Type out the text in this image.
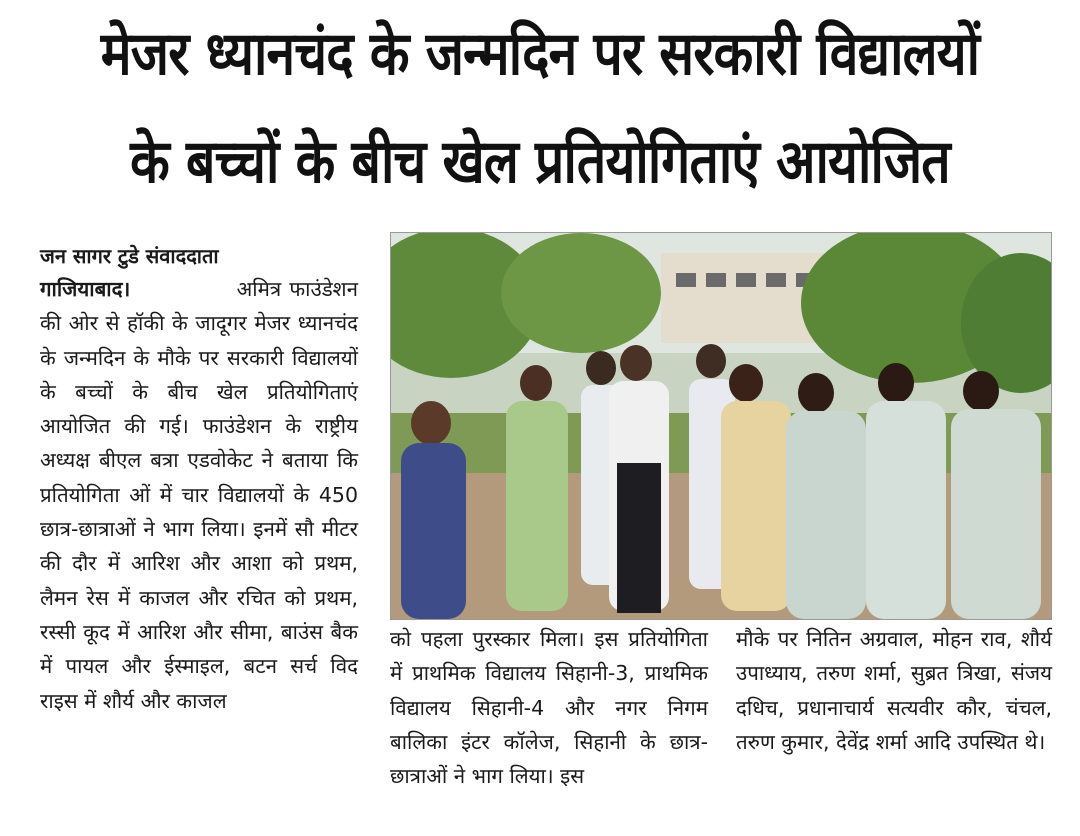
मेजर ध्यानचंद के जन्मदिन पर सरकारी विद्यालयों
के बच्चों के बीच खेल प्रतियोगिताएं आयोजित
जन सागर टुडे संवाददाता

गाजियाबाद।	अमित्र फाउंडेशन की ओर से हॉकी के जादूगर मेजर ध्यानचंद के जन्मदिन के मौके पर सरकारी विद्यालयों के बच्चों के बीच खेल प्रतियोगिताएं आयोजित की गई। फाउंडेशन के राष्ट्रीय अध्यक्ष बीएल बत्रा एडवोकेट ने बताया कि प्रतियोगिता ओं में चार विद्यालयों के 450 छात्र-छात्राओं ने भाग लिया। इनमें सौ मीटर की दौर में आरिश और आशा को प्रथम, लैमन रेस में काजल और रचित को प्रथम, रस्सी कूद में आरिश और सीमा, बाउंस बैक में पायल और ईस्माइल, बटन सर्च विद राइस में शौर्य और काजल

को पहला पुरस्कार मिला। इस प्रतियोगिता में प्राथमिक विद्यालय सिहानी-3, प्राथमिक विद्यालय सिहानी-4 और नगर निगम बालिका इंटर कॉलेज, सिहानी के छात्र-छात्राओं ने भाग लिया। इस

मौके पर नितिन अग्रवाल, मोहन राव, शौर्य उपाध्याय, तरुण शर्मा, सुब्रत त्रिखा, संजय दधिच, प्रधानाचार्य सत्यवीर कौर, चंचल, तरुण कुमार, देवेंद्र शर्मा आदि उपस्थित थे।
